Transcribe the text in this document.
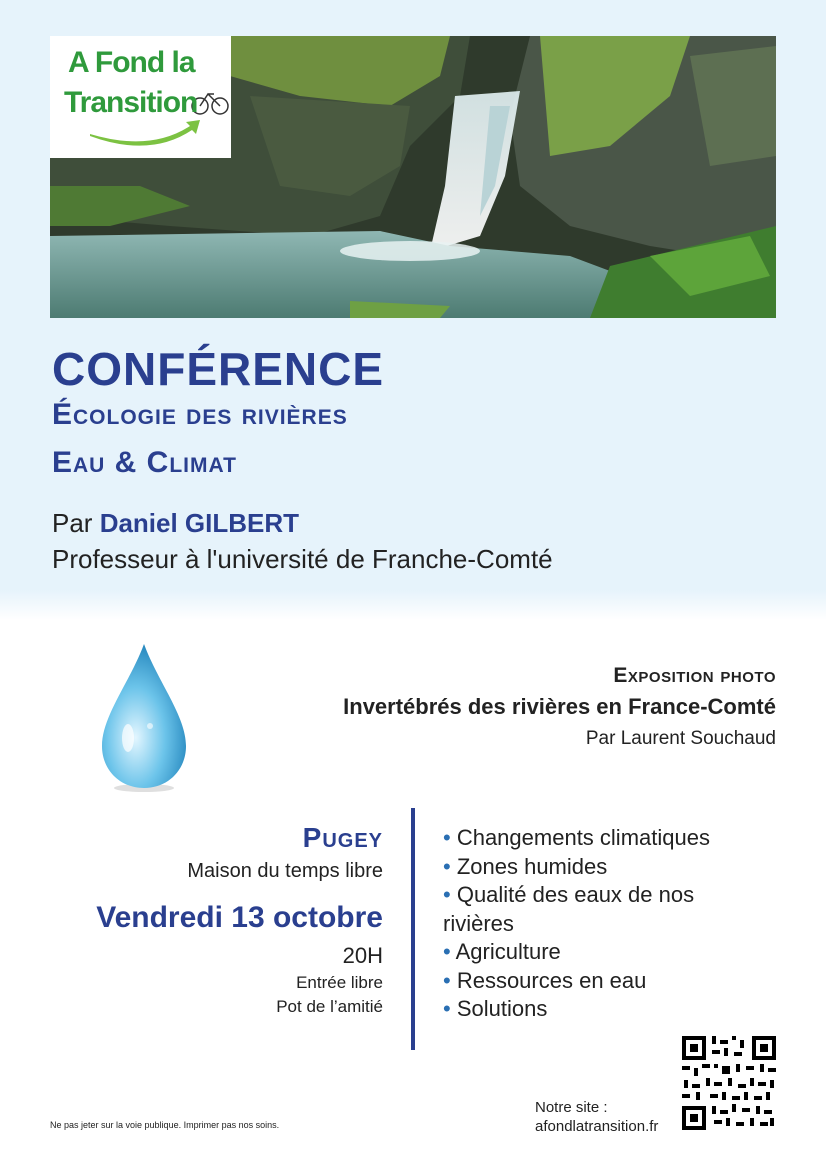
A Fond la
Transition
CONFÉRENCE
Écologie des rivières
Eau & Climat
Par Daniel GILBERT
Professeur à l'université de Franche-Comté
Exposition photo
Invertébrés des rivières en France-Comté
Par Laurent Souchaud
Pugey
Maison du temps libre
Vendredi 13 octobre
20H
Entrée libre
Pot de l’amitié
• Changements climatiques
• Zones humides
• Qualité des eaux de nos rivières
• Agriculture
• Ressources en eau
• Solutions
Ne pas jeter sur la voie publique. Imprimer pas nos soins.
Notre site :
afondlatransition.fr
